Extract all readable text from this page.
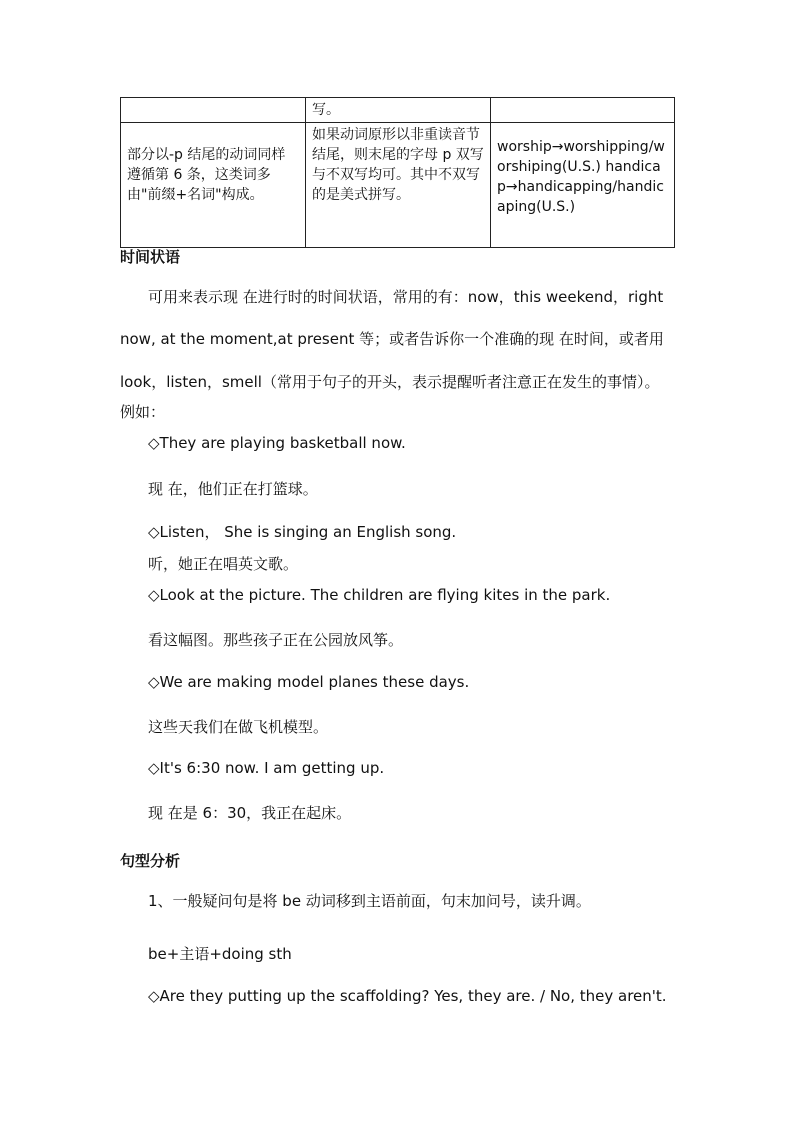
	写。	
部分以-p 结尾的动词同样遵循第 6 条，这类词多由"前缀+名词"构成。	如果动词原形以非重读音节结尾，则末尾的字母 p 双写与不双写均可。其中不双写的是美式拼写。	worship→worshipping/worshiping(U.S.) handicap→handicapping/handicaping(U.S.)
时间状语
可用来表示现 在进行时的时间状语，常用的有：now，this weekend，right
now, at the moment,at present 等；或者告诉你一个准确的现 在时间，或者用
look，listen，smell（常用于句子的开头，表示提醒听者注意正在发生的事情）。
例如：
◇They are playing basketball now.
现 在，他们正在打篮球。
◇Listen， She is singing an English song.
听，她正在唱英文歌。
◇Look at the picture. The children are flying kites in the park.
看这幅图。那些孩子正在公园放风筝。
◇We are making model planes these days.
这些天我们在做飞机模型。
◇It's 6:30 now. I am getting up.
现 在是 6：30，我正在起床。
句型分析
1、一般疑问句是将 be 动词移到主语前面，句末加问号，读升调。
be+主语+doing sth
◇Are they putting up the scaffolding? Yes, they are. / No, they aren't.
